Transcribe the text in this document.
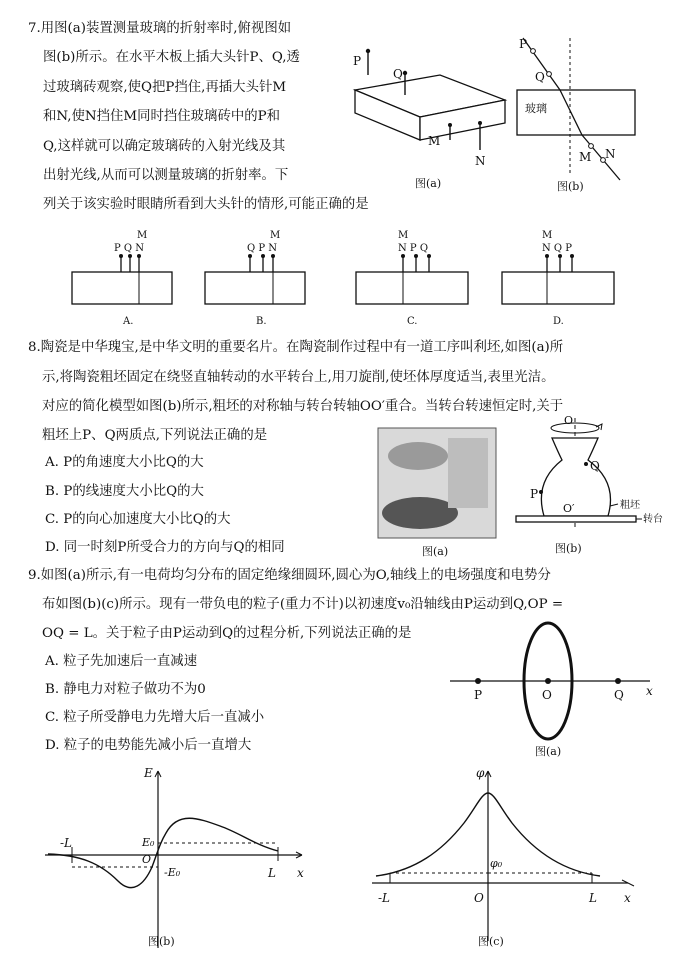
7.用图(a)装置测量玻璃的折射率时,俯视图如
图(b)所示。在水平木板上插大头针P、Q,透
过玻璃砖观察,使Q把P挡住,再插大头针M
和N,使N挡住M同时挡住玻璃砖中的P和
Q,这样就可以确定玻璃砖的入射光线及其
出射光线,从而可以测量玻璃的折射率。下
列关于该实验时眼睛所看到大头针的情形,可能正确的是
P
Q
M
N
图(a)
P
Q
M N
玻璃
图(b)
M
P Q N
A.
M
Q P N
B.
M
N P Q
C.
M
N Q P
D.
8.陶瓷是中华瑰宝,是中华文明的重要名片。在陶瓷制作过程中有一道工序叫利坯,如图(a)所
示,将陶瓷粗坯固定在绕竖直轴转动的水平转台上,用刀旋削,使坯体厚度适当,表里光洁。
对应的简化模型如图(b)所示,粗坯的对称轴与转台转轴OO′重合。当转台转速恒定时,关于
粗坯上P、Q两质点,下列说法正确的是
A. P的角速度大小比Q的大
B. P的线速度大小比Q的大
C. P的向心加速度大小比Q的大
D. 同一时刻P所受合力的方向与Q的相同	图(a)
O
O′
Q
P
粗坯
转台
图(b)
9.如图(a)所示,有一电荷均匀分布的固定绝缘细圆环,圆心为O,轴线上的电场强度和电势分
布如图(b)(c)所示。现有一带负电的粒子(重力不计)以初速度v₀沿轴线由P运动到Q,OP =
OQ = L。关于粒子由P运动到Q的过程分析,下列说法正确的是
A. 粒子先加速后一直减速
B. 静电力对粒子做功不为0
C. 粒子所受静电力先增大后一直减小
D. 粒子的电势能先减小后一直增大
P	O	Q x
图(a)
E
E₀
-E₀
O
-L
L x
图(b)
φ
φ₀
-L	O	L x
图(c)
